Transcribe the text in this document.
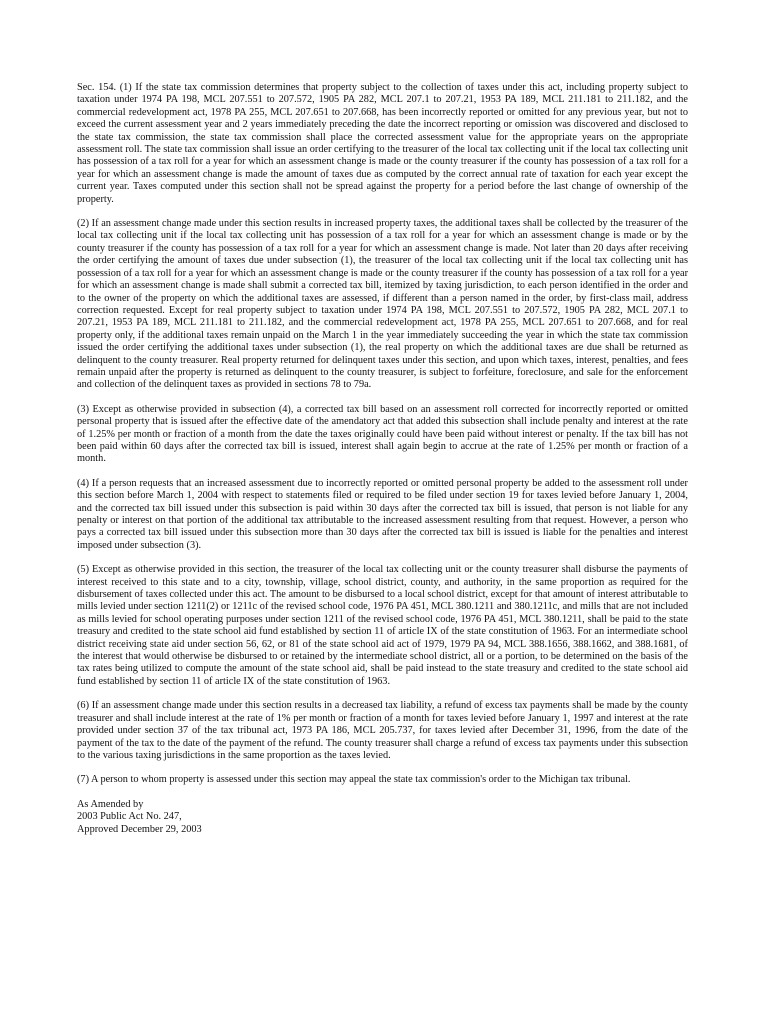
Sec. 154. (1) If the state tax commission determines that property subject to the collection of taxes under this act, including property subject to taxation under 1974 PA 198, MCL 207.551 to 207.572, 1905 PA 282, MCL 207.1 to 207.21, 1953 PA 189, MCL 211.181 to 211.182, and the commercial redevelopment act, 1978 PA 255, MCL 207.651 to 207.668, has been incorrectly reported or omitted for any previous year, but not to exceed the current assessment year and 2 years immediately preceding the date the incorrect reporting or omission was discovered and disclosed to the state tax commission, the state tax commission shall place the corrected assessment value for the appropriate years on the appropriate assessment roll. The state tax commission shall issue an order certifying to the treasurer of the local tax collecting unit if the local tax collecting unit has possession of a tax roll for a year for which an assessment change is made or the county treasurer if the county has possession of a tax roll for a year for which an assessment change is made the amount of taxes due as computed by the correct annual rate of taxation for each year except the current year. Taxes computed under this section shall not be spread against the property for a period before the last change of ownership of the property.

(2) If an assessment change made under this section results in increased property taxes, the additional taxes shall be collected by the treasurer of the local tax collecting unit if the local tax collecting unit has possession of a tax roll for a year for which an assessment change is made or by the county treasurer if the county has possession of a tax roll for a year for which an assessment change is made. Not later than 20 days after receiving the order certifying the amount of taxes due under subsection (1), the treasurer of the local tax collecting unit if the local tax collecting unit has possession of a tax roll for a year for which an assessment change is made or the county treasurer if the county has possession of a tax roll for a year for which an assessment change is made shall submit a corrected tax bill, itemized by taxing jurisdiction, to each person identified in the order and to the owner of the property on which the additional taxes are assessed, if different than a person named in the order, by first-class mail, address correction requested. Except for real property subject to taxation under 1974 PA 198, MCL 207.551 to 207.572, 1905 PA 282, MCL 207.1 to 207.21, 1953 PA 189, MCL 211.181 to 211.182, and the commercial redevelopment act, 1978 PA 255, MCL 207.651 to 207.668, and for real property only, if the additional taxes remain unpaid on the March 1 in the year immediately succeeding the year in which the state tax commission issued the order certifying the additional taxes under subsection (1), the real property on which the additional taxes are due shall be returned as delinquent to the county treasurer. Real property returned for delinquent taxes under this section, and upon which taxes, interest, penalties, and fees remain unpaid after the property is returned as delinquent to the county treasurer, is subject to forfeiture, foreclosure, and sale for the enforcement and collection of the delinquent taxes as provided in sections 78 to 79a.

(3) Except as otherwise provided in subsection (4), a corrected tax bill based on an assessment roll corrected for incorrectly reported or omitted personal property that is issued after the effective date of the amendatory act that added this subsection shall include penalty and interest at the rate of 1.25% per month or fraction of a month from the date the taxes originally could have been paid without interest or penalty. If the tax bill has not been paid within 60 days after the corrected tax bill is issued, interest shall again begin to accrue at the rate of 1.25% per month or fraction of a month.

(4) If a person requests that an increased assessment due to incorrectly reported or omitted personal property be added to the assessment roll under this section before March 1, 2004 with respect to statements filed or required to be filed under section 19 for taxes levied before January 1, 2004, and the corrected tax bill issued under this subsection is paid within 30 days after the corrected tax bill is issued, that person is not liable for any penalty or interest on that portion of the additional tax attributable to the increased assessment resulting from that request. However, a person who pays a corrected tax bill issued under this subsection more than 30 days after the corrected tax bill is issued is liable for the penalties and interest imposed under subsection (3).

(5) Except as otherwise provided in this section, the treasurer of the local tax collecting unit or the county treasurer shall disburse the payments of interest received to this state and to a city, township, village, school district, county, and authority, in the same proportion as required for the disbursement of taxes collected under this act. The amount to be disbursed to a local school district, except for that amount of interest attributable to mills levied under section 1211(2) or 1211c of the revised school code, 1976 PA 451, MCL 380.1211 and 380.1211c, and mills that are not included as mills levied for school operating purposes under section 1211 of the revised school code, 1976 PA 451, MCL 380.1211, shall be paid to the state treasury and credited to the state school aid fund established by section 11 of article IX of the state constitution of 1963. For an intermediate school district receiving state aid under section 56, 62, or 81 of the state school aid act of 1979, 1979 PA 94, MCL 388.1656, 388.1662, and 388.1681, of the interest that would otherwise be disbursed to or retained by the intermediate school district, all or a portion, to be determined on the basis of the tax rates being utilized to compute the amount of the state school aid, shall be paid instead to the state treasury and credited to the state school aid fund established by section 11 of article IX of the state constitution of 1963.

(6) If an assessment change made under this section results in a decreased tax liability, a refund of excess tax payments shall be made by the county treasurer and shall include interest at the rate of 1% per month or fraction of a month for taxes levied before January 1, 1997 and interest at the rate provided under section 37 of the tax tribunal act, 1973 PA 186, MCL 205.737, for taxes levied after December 31, 1996, from the date of the payment of the tax to the date of the payment of the refund. The county treasurer shall charge a refund of excess tax payments under this subsection to the various taxing jurisdictions in the same proportion as the taxes levied.

(7) A person to whom property is assessed under this section may appeal the state tax commission's order to the Michigan tax tribunal.

As Amended by
2003 Public Act No. 247,
Approved December 29, 2003
